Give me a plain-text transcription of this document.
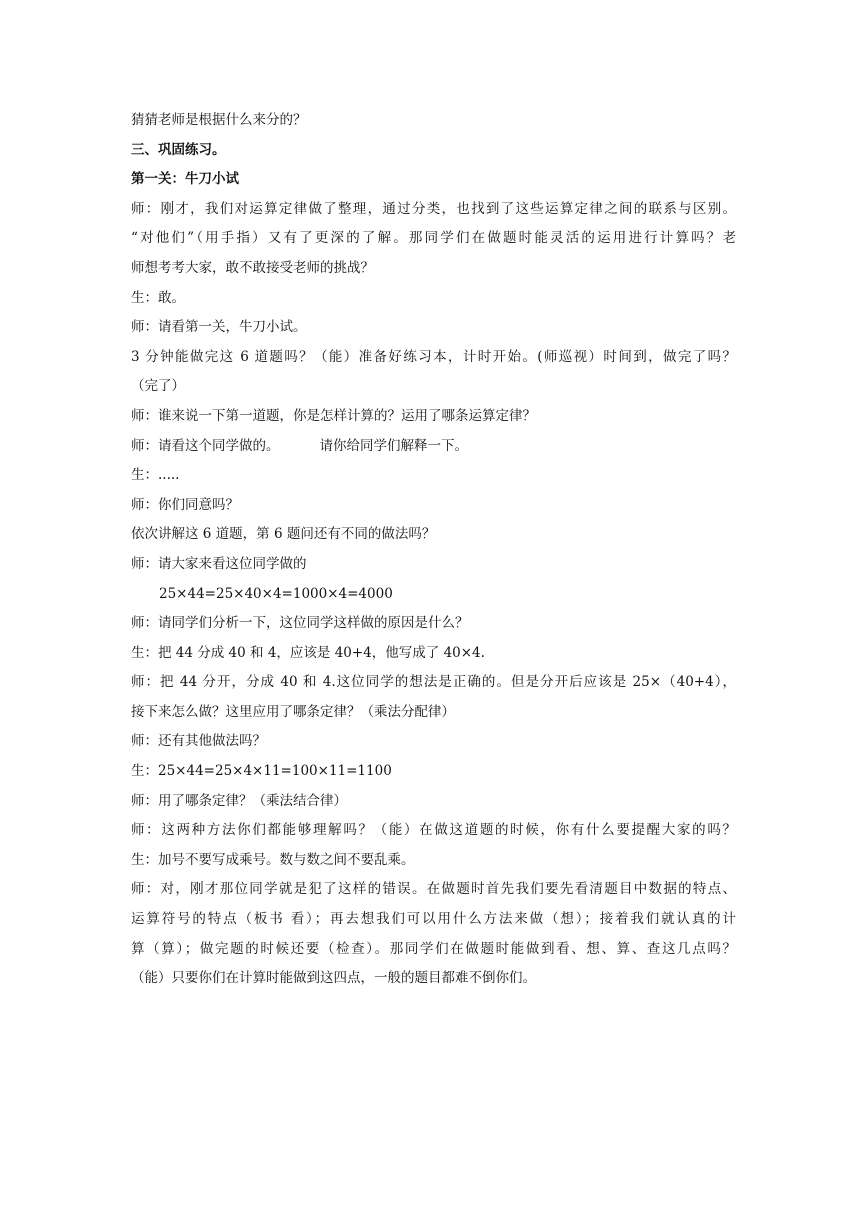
猜猜老师是根据什么来分的？
三、巩固练习。
第一关：牛刀小试
师：刚才，我们对运算定律做了整理，通过分类，也找到了这些运算定律之间的联系与区别。
“对他们”（用手指）又有了更深的了解。那同学们在做题时能灵活的运用进行计算吗？老
师想考考大家，敢不敢接受老师的挑战？
生：敢。
师：请看第一关，牛刀小试。
3 分钟能做完这 6 道题吗？（能）准备好练习本，计时开始。(师巡视）时间到，做完了吗？
（完了）
师：谁来说一下第一道题，你是怎样计算的？运用了哪条运算定律？
师：请看这个同学做的。	请你给同学们解释一下。
生：.....
师：你们同意吗？
依次讲解这 6 道题，第 6 题问还有不同的做法吗？
师：请大家来看这位同学做的
25×44=25×40×4=1000×4=4000
师：请同学们分析一下，这位同学这样做的原因是什么？
生：把 44 分成 40 和 4，应该是 40+4，他写成了 40×4.
师：把 44 分开，分成 40 和 4.这位同学的想法是正确的。但是分开后应该是 25×（40+4），
接下来怎么做？这里应用了哪条定律？（乘法分配律）
师：还有其他做法吗？
生：25×44=25×4×11=100×11=1100
师：用了哪条定律？（乘法结合律）
师：这两种方法你们都能够理解吗？（能）在做这道题的时候，你有什么要提醒大家的吗？
生：加号不要写成乘号。数与数之间不要乱乘。
师：对，刚才那位同学就是犯了这样的错误。在做题时首先我们要先看清题目中数据的特点、
运算符号的特点（板书 看）；再去想我们可以用什么方法来做（想）；接着我们就认真的计
算（算）；做完题的时候还要（检查）。那同学们在做题时能做到看、想、算、查这几点吗？
（能）只要你们在计算时能做到这四点，一般的题目都难不倒你们。
